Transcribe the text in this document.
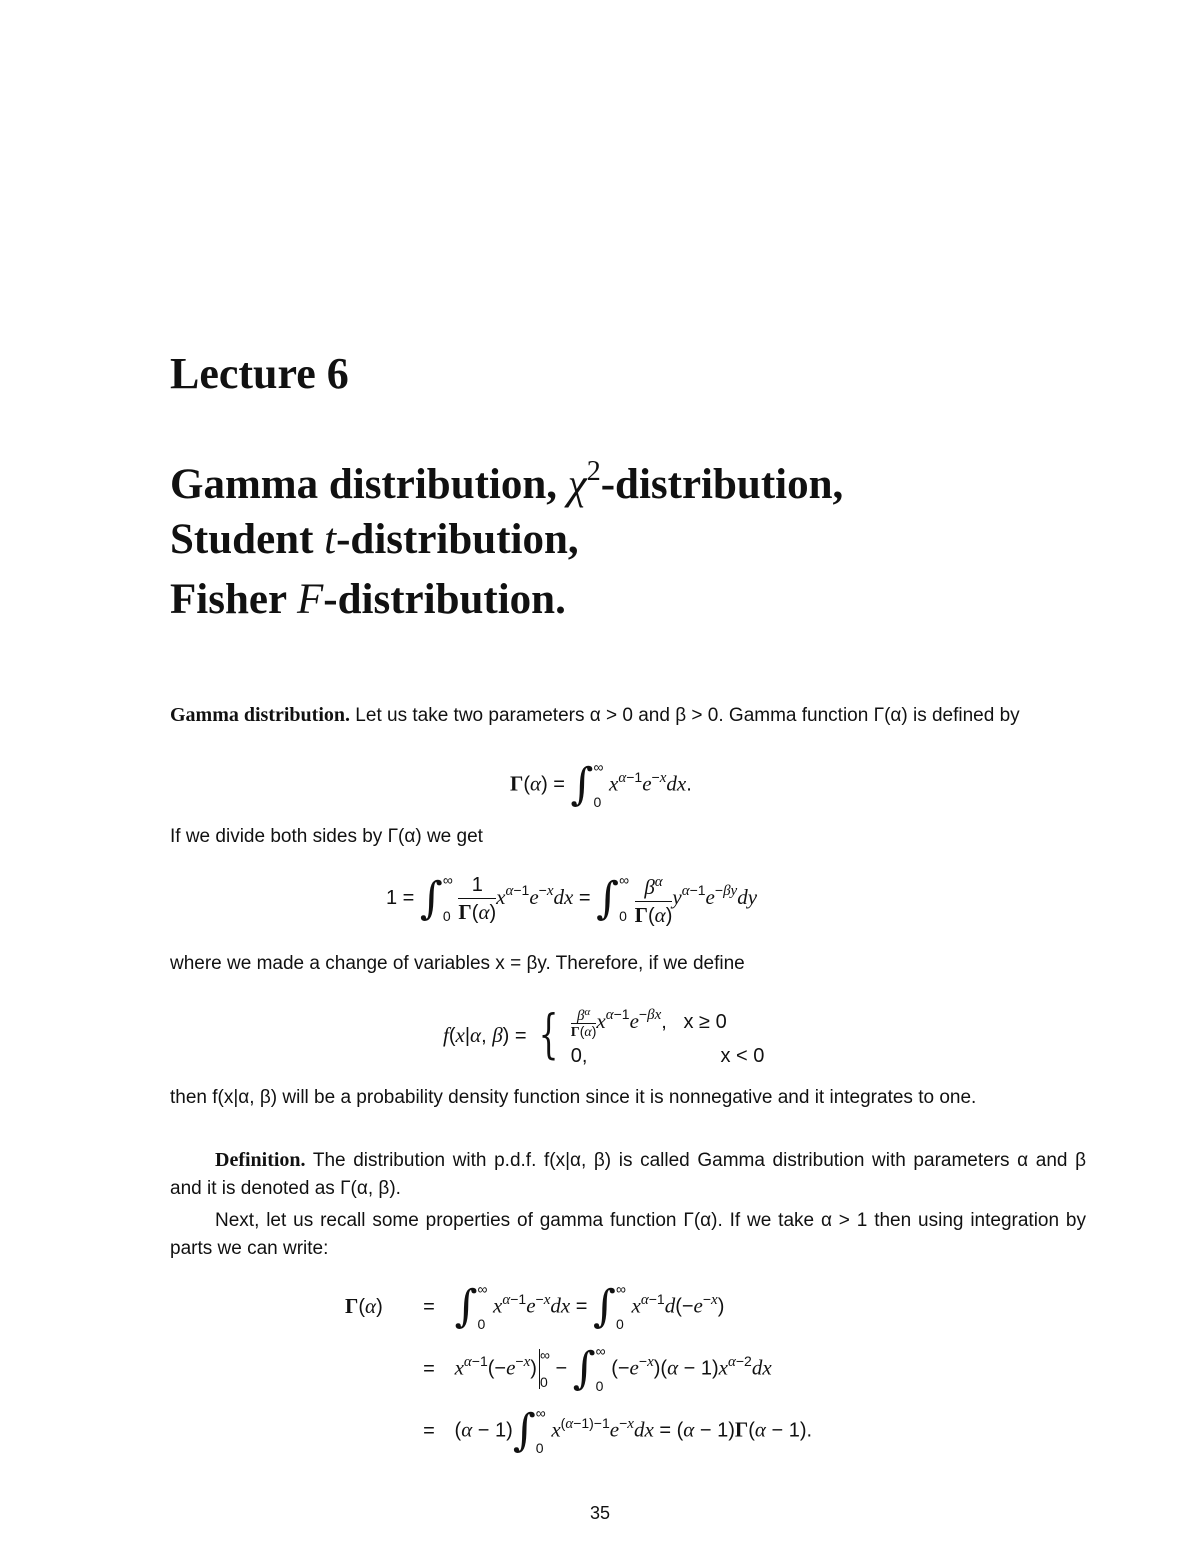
Lecture 6
Gamma distribution, $\chi^2$-distribution,
Student t-distribution,
Fisher F-distribution.
Gamma distribution. Let us take two parameters α > 0 and β > 0. Gamma function Γ(α) is defined by
Γ(α) = ∫ ∞
0
$x^{\alpha-1}e^{-x}dx$.
If we divide both sides by Γ(α) we get
1 = ∫ ∞
0
$\frac{1}{\Gamma(\alpha)} x^{\alpha-1}e^{-x}dx$ = ∫ ∞
0
$\frac{\beta^\alpha}{\Gamma(\alpha)} y^{\alpha-1}e^{-\beta y}dy$
where we made a change of variables x = βy. Therefore, if we define
f(x|α, β) = { $\frac{\beta^\alpha}{\Gamma(\alpha)} x^{\alpha-1}e^{-\beta x}$,   x ≥ 0
0,	x < 0
then f(x|α, β) will be a probability density function since it is nonnegative and it integrates to one.
Definition. The distribution with p.d.f. f(x|α, β) is called Gamma distribution with parameters α and β and it is denoted as Γ(α, β).
Next, let us recall some properties of gamma function Γ(α). If we take α > 1 then using integration by parts we can write:
Γ(α) = ∫ ∞
0
$x^{\alpha-1}e^{-x}dx$ = ∫ ∞
0
$x^{\alpha-1}d(-e^{-x})$
= $x^{\alpha-1}(-e^{-x})$
∞
0
− ∫ ∞
0
$(-e^{-x})(\alpha - 1)x^{\alpha-2}dx$
= (α − 1)∫ ∞
0
$x^{(\alpha-1)-1}e^{-x}dx = (\alpha - 1)\Gamma(\alpha - 1)$.
35
